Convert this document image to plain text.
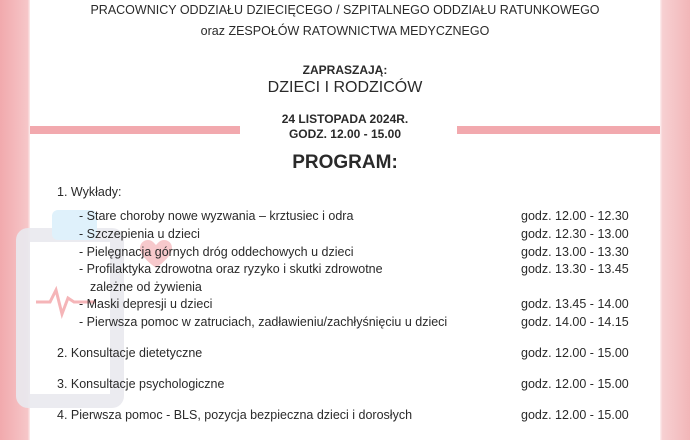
PRACOWNICY ODDZIAŁU DZIECIĘCEGO / SZPITALNEGO ODDZIAŁU RATUNKOWEGO
oraz ZESPOŁÓW RATOWNICTWA MEDYCZNEGO
ZAPRASZAJĄ:
DZIECI I RODZICÓW
24 LISTOPADA 2024R.
GODZ. 12.00 - 15.00
PROGRAM:
1. Wykłady:
- Stare choroby nowe wyzwania – krztusiec i odra	godz. 12.00 - 12.30
- Szczepienia u dzieci	godz. 12.30 - 13.00
- Pielęgnacja górnych dróg oddechowych u dzieci	godz. 13.00 - 13.30
- Profilaktyka zdrowotna oraz ryzyko i skutki zdrowotne
zależne od żywienia
godz. 13.30 - 13.45
- Maski depresji u dzieci	godz. 13.45 - 14.00
- Pierwsza pomoc w zatruciach, zadławieniu/zachłyśnięciu u dzieci	godz. 14.00 - 14.15
2. Konsultacje dietetyczne	godz. 12.00 - 15.00
3. Konsultacje psychologiczne	godz. 12.00 - 15.00
4. Pierwsza pomoc - BLS, pozycja bezpieczna dzieci i dorosłych	godz. 12.00 - 15.00
